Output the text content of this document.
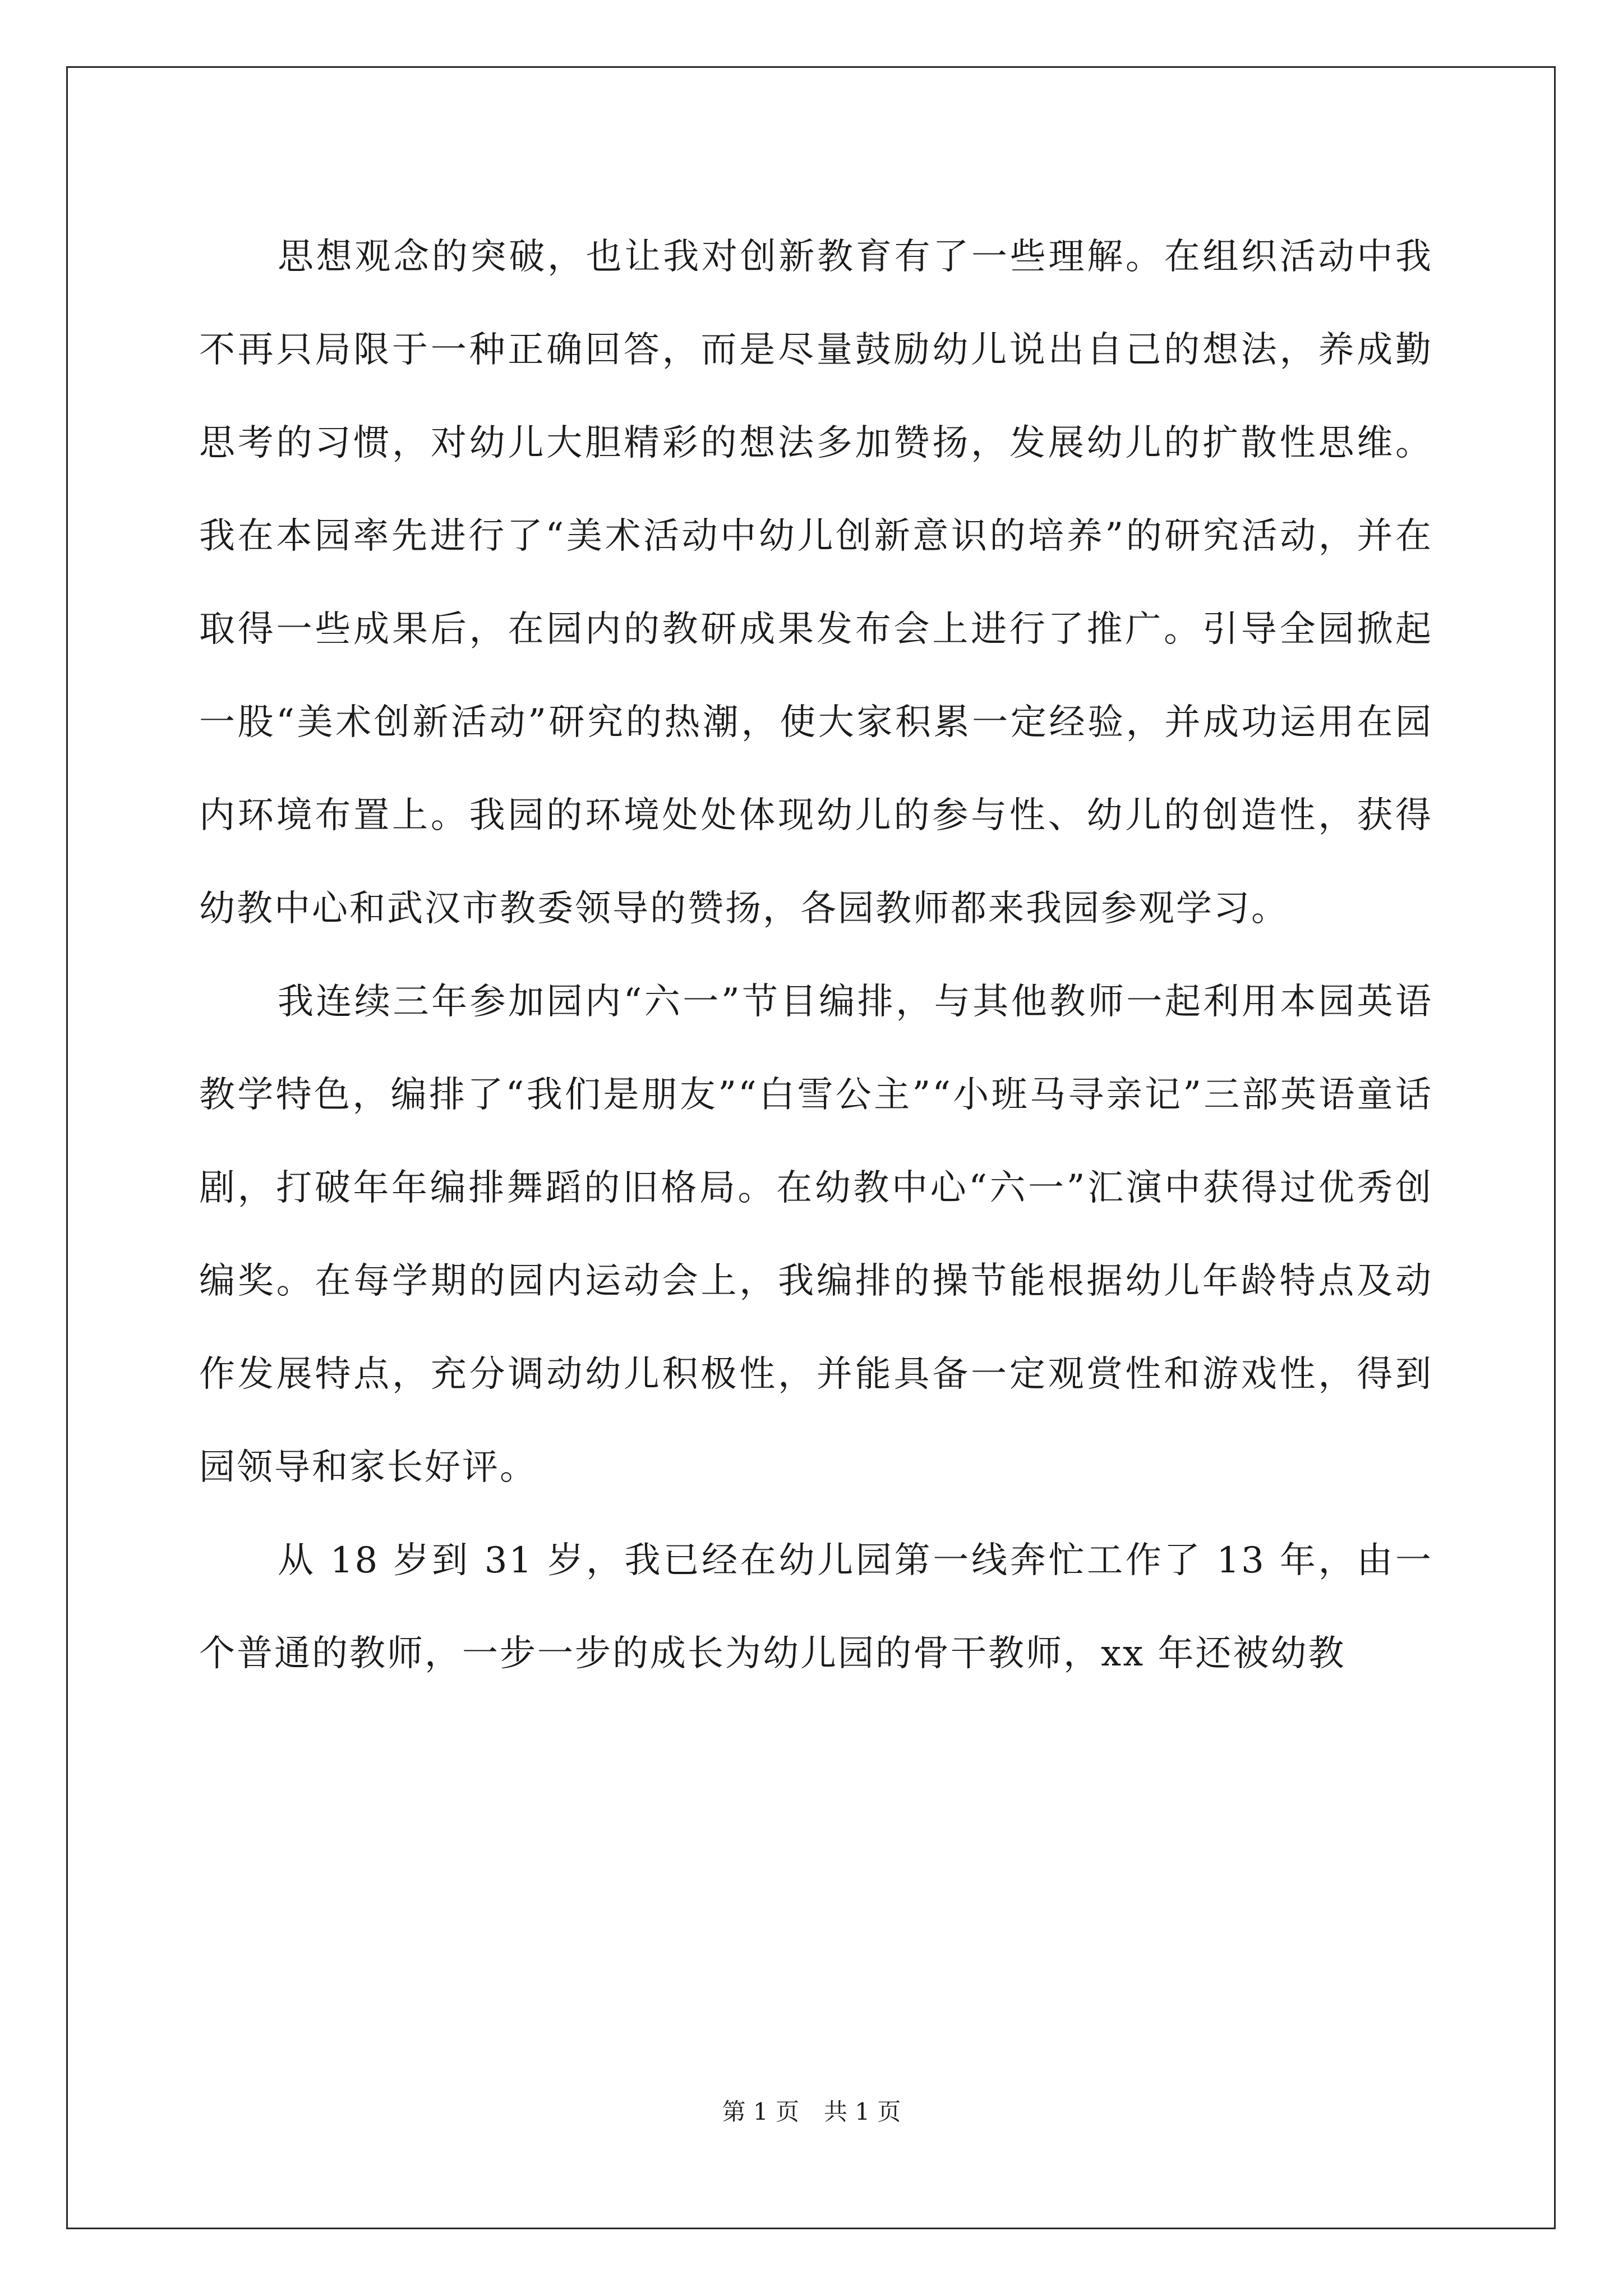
思想观念的突破，也让我对创新教育有了一些理解。在组织活动中我不再只局限于一种正确回答，而是尽量鼓励幼儿说出自己的想法，养成勤思考的习惯，对幼儿大胆精彩的想法多加赞扬，发展幼儿的扩散性思维。我在本园率先进行了“美术活动中幼儿创新意识的培养”的研究活动，并在取得一些成果后，在园内的教研成果发布会上进行了推广。引导全园掀起一股“美术创新活动”研究的热潮，使大家积累一定经验，并成功运用在园内环境布置上。我园的环境处处体现幼儿的参与性、幼儿的创造性，获得幼教中心和武汉市教委领导的赞扬，各园教师都来我园参观学习。

我连续三年参加园内“六一”节目编排，与其他教师一起利用本园英语教学特色，编排了“我们是朋友”“白雪公主”“小班马寻亲记”三部英语童话剧，打破年年编排舞蹈的旧格局。在幼教中心“六一”汇演中获得过优秀创编奖。在每学期的园内运动会上，我编排的操节能根据幼儿年龄特点及动作发展特点，充分调动幼儿积极性，并能具备一定观赏性和游戏性，得到园领导和家长好评。

从 18 岁到 31 岁，我已经在幼儿园第一线奔忙工作了 13 年，由一个普通的教师，一步一步的成长为幼儿园的骨干教师，xx 年还被幼教

第 1 页 共 1 页
